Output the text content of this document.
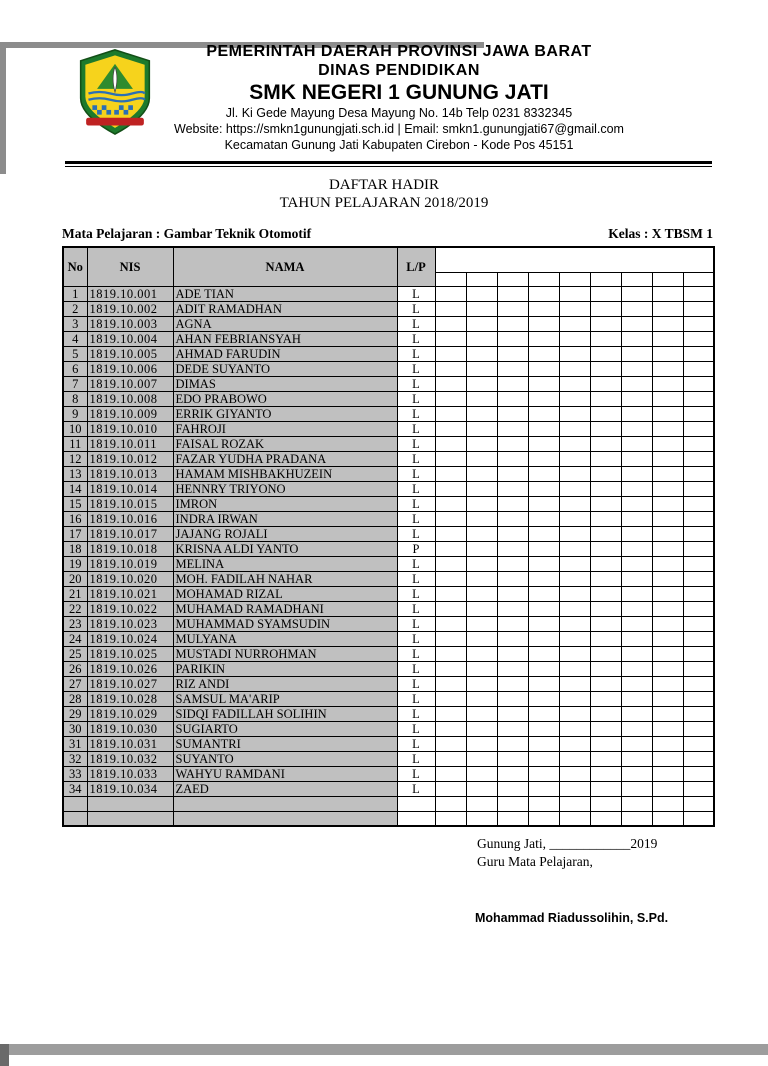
PEMERINTAH DAERAH PROVINSI JAWA BARAT
DINAS PENDIDIKAN
SMK NEGERI 1 GUNUNG JATI
Jl. Ki Gede Mayung Desa Mayung No. 14b Telp 0231 8332345
Website: https://smkn1gunungjati.sch.id | Email: smkn1.gunungjati67@gmail.com
Kecamatan Gunung Jati Kabupaten Cirebon - Kode Pos 45151
DAFTAR HADIR
TAHUN PELAJARAN 2018/2019
Mata Pelajaran : Gambar Teknik Otomotif	Kelas : X TBSM 1
No	NIS	NAMA	L/P									

1	1819.10.001	ADE TIAN	L									
2	1819.10.002	ADIT RAMADHAN	L									
3	1819.10.003	AGNA	L									
4	1819.10.004	AHAN FEBRIANSYAH	L									
5	1819.10.005	AHMAD FARUDIN	L									
6	1819.10.006	DEDE SUYANTO	L									
7	1819.10.007	DIMAS	L									
8	1819.10.008	EDO PRABOWO	L									
9	1819.10.009	ERRIK GIYANTO	L									
10	1819.10.010	FAHROJI	L									
11	1819.10.011	FAISAL ROZAK	L									
12	1819.10.012	FAZAR YUDHA PRADANA	L									
13	1819.10.013	HAMAM MISHBAKHUZEIN	L									
14	1819.10.014	HENNRY TRIYONO	L									
15	1819.10.015	IMRON	L									
16	1819.10.016	INDRA IRWAN	L									
17	1819.10.017	JAJANG ROJALI	L									
18	1819.10.018	KRISNA ALDI YANTO	P									
19	1819.10.019	MELINA	L									
20	1819.10.020	MOH. FADILAH NAHAR	L									
21	1819.10.021	MOHAMAD RIZAL	L									
22	1819.10.022	MUHAMAD RAMADHANI	L									
23	1819.10.023	MUHAMMAD SYAMSUDIN	L									
24	1819.10.024	MULYANA	L									
25	1819.10.025	MUSTADI NURROHMAN	L									
26	1819.10.026	PARIKIN	L									
27	1819.10.027	RIZ ANDI	L									
28	1819.10.028	SAMSUL MA'ARIP	L									
29	1819.10.029	SIDQI FADILLAH SOLIHIN	L									
30	1819.10.030	SUGIARTO	L									
31	1819.10.031	SUMANTRI	L									
32	1819.10.032	SUYANTO	L									
33	1819.10.033	WAHYU RAMDANI	L									
34	1819.10.034	ZAED	L									

Gunung Jati, ____________2019
Guru Mata Pelajaran,
Mohammad Riadussolihin, S.Pd.
